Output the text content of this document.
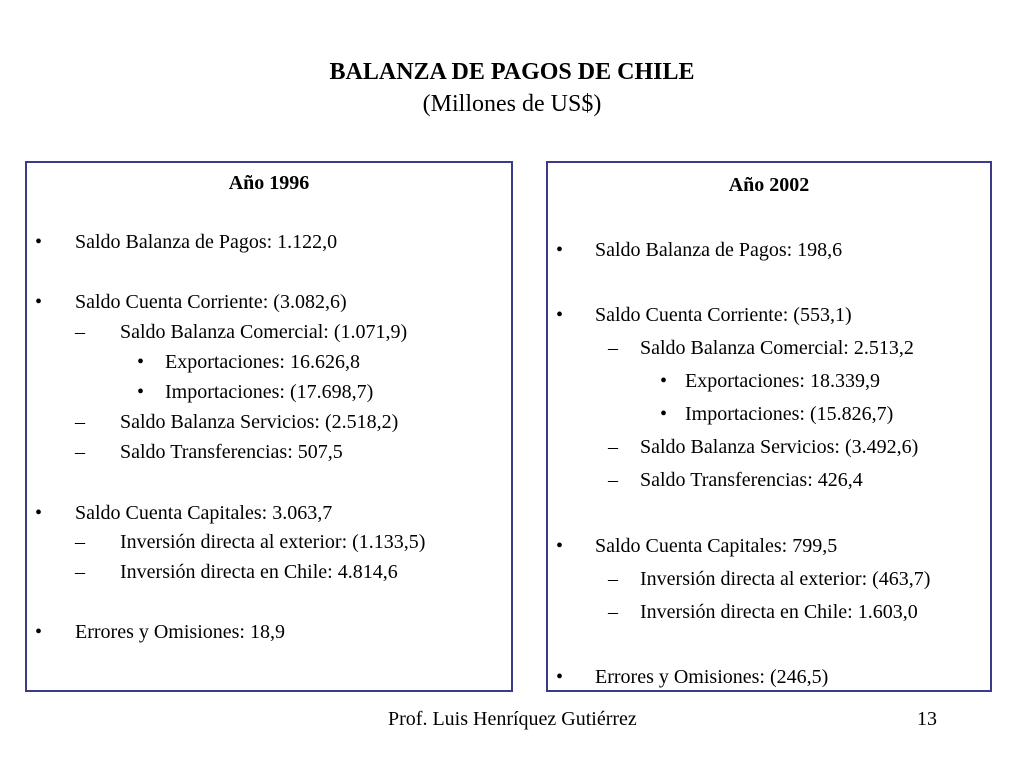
BALANZA DE PAGOS DE CHILE
(Millones de US$)
Año 1996
• Saldo Balanza de Pagos: 1.122,0
• Saldo Cuenta Corriente: (3.082,6)
– Saldo Balanza Comercial: (1.071,9)
• Exportaciones: 16.626,8
• Importaciones: (17.698,7)
– Saldo Balanza Servicios: (2.518,2)
– Saldo Transferencias: 507,5
• Saldo Cuenta Capitales: 3.063,7
– Inversión directa al exterior: (1.133,5)
– Inversión directa en Chile: 4.814,6
• Errores y Omisiones: 18,9
Año 2002
• Saldo Balanza de Pagos: 198,6
• Saldo Cuenta Corriente: (553,1)
– Saldo Balanza Comercial: 2.513,2
• Exportaciones: 18.339,9
• Importaciones: (15.826,7)
– Saldo Balanza Servicios: (3.492,6)
– Saldo Transferencias: 426,4
• Saldo Cuenta Capitales: 799,5
– Inversión directa al exterior: (463,7)
– Inversión directa en Chile: 1.603,0
• Errores y Omisiones: (246,5)
Prof. Luis Henríquez Gutiérrez	13
